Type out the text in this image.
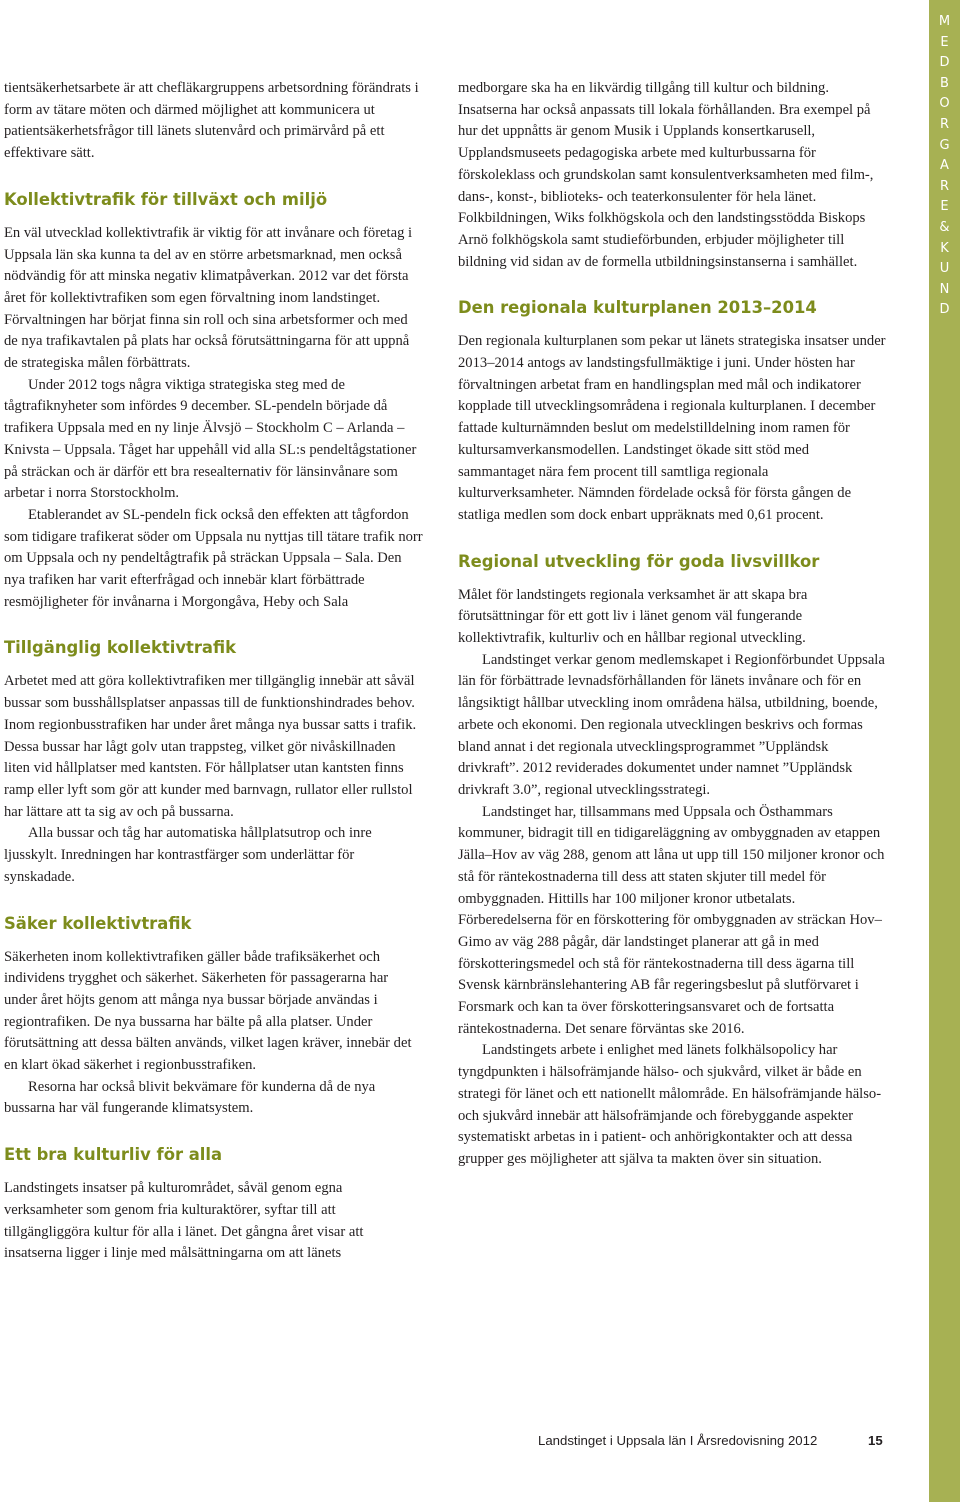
tientsäkerhetsarbete är att chefläkargruppens arbetsordning förändrats i form av tätare möten och därmed möjlighet att kommunicera ut patientsäkerhetsfrågor till länets slutenvård och primärvård på ett effektivare sätt.

Kollektivtrafik för tillväxt och miljö

En väl utvecklad kollektivtrafik är viktig för att invånare och företag i Uppsala län ska kunna ta del av en större arbetsmarknad, men också nödvändig för att minska negativ klimatpåverkan. 2012 var det första året för kollektivtrafiken som egen förvaltning inom landstinget. Förvaltningen har börjat finna sin roll och sina arbetsformer och med de nya trafikavtalen på plats har också förutsättningarna för att uppnå de strategiska målen förbättrats.

Under 2012 togs några viktiga strategiska steg med de tågtrafiknyheter som infördes 9 december. SL-pendeln började då trafikera Uppsala med en ny linje Älvsjö – Stockholm C – Arlanda – Knivsta – Uppsala. Tåget har uppehåll vid alla SL:s pendeltågstationer på sträckan och är därför ett bra resealternativ för länsinvånare som arbetar i norra Storstockholm.

Etablerandet av SL-pendeln fick också den effekten att tågfordon som tidigare trafikerat söder om Uppsala nu nyttjas till tätare trafik norr om Uppsala och ny pendeltågtrafik på sträckan Uppsala – Sala. Den nya trafiken har varit efterfrågad och innebär klart förbättrade resmöjligheter för invånarna i Morgongåva, Heby och Sala

Tillgänglig kollektivtrafik

Arbetet med att göra kollektivtrafiken mer tillgänglig innebär att såväl bussar som busshållsplatser anpassas till de funktionshindrades behov. Inom regionbusstrafiken har under året många nya bussar satts i trafik. Dessa bussar har lågt golv utan trappsteg, vilket gör nivåskillnaden liten vid hållplatser med kantsten. För hållplatser utan kantsten finns ramp eller lyft som gör att kunder med barnvagn, rullator eller rullstol har lättare att ta sig av och på bussarna.

Alla bussar och tåg har automatiska hållplatsutrop och inre ljusskylt. Inredningen har kontrastfärger som underlättar för synskadade.

Säker kollektivtrafik

Säkerheten inom kollektivtrafiken gäller både trafiksäkerhet och individens trygghet och säkerhet. Säkerheten för passagerarna har under året höjts genom att många nya bussar började användas i regiontrafiken. De nya bussarna har bälte på alla platser. Under förutsättning att dessa bälten används, vilket lagen kräver, innebär det en klart ökad säkerhet i regionbusstrafiken.

Resorna har också blivit bekvämare för kunderna då de nya bussarna har väl fungerande klimatsystem.

Ett bra kulturliv för alla

Landstingets insatser på kulturområdet, såväl genom egna verksamheter som genom fria kulturaktörer, syftar till att tillgängliggöra kultur för alla i länet. Det gångna året visar att insatserna ligger i linje med målsättningarna om att länets

medborgare ska ha en likvärdig tillgång till kultur och bildning. Insatserna har också anpassats till lokala förhållanden. Bra exempel på hur det uppnåtts är genom Musik i Upplands konsertkarusell, Upplandsmuseets pedagogiska arbete med kulturbussarna för förskoleklass och grundskolan samt konsulentverksamheten med film-, dans-, konst-, biblioteks- och teaterkonsulenter för hela länet. Folkbildningen, Wiks folkhögskola och den landstingsstödda Biskops Arnö folkhögskola samt studieförbunden, erbjuder möjligheter till bildning vid sidan av de formella utbildningsinstanserna i samhället.

Den regionala kulturplanen 2013–2014

Den regionala kulturplanen som pekar ut länets strategiska insatser under 2013–2014 antogs av landstingsfullmäktige i juni. Under hösten har förvaltningen arbetat fram en handlingsplan med mål och indikatorer kopplade till utvecklingsområdena i regionala kulturplanen. I december fattade kulturnämnden beslut om medelstilldelning inom ramen för kultursamverkansmodellen. Landstinget ökade sitt stöd med sammantaget nära fem procent till samtliga regionala kulturverksamheter. Nämnden fördelade också för första gången de statliga medlen som dock enbart uppräknats med 0,61 procent.

Regional utveckling för goda livsvillkor

Målet för landstingets regionala verksamhet är att skapa bra förutsättningar för ett gott liv i länet genom väl fungerande kollektivtrafik, kulturliv och en hållbar regional utveckling.

Landstinget verkar genom medlemskapet i Regionförbundet Uppsala län för förbättrade levnadsförhållanden för länets invånare och för en långsiktigt hållbar utveckling inom områdena hälsa, utbildning, boende, arbete och ekonomi. Den regionala utvecklingen beskrivs och formas bland annat i det regionala utvecklingsprogrammet ”Uppländsk drivkraft”. 2012 reviderades dokumentet under namnet ”Uppländsk drivkraft 3.0”, regional utvecklingsstrategi.

Landstinget har, tillsammans med Uppsala och Östhammars kommuner, bidragit till en tidigareläggning av ombyggnaden av etappen Jälla–Hov av väg 288, genom att låna ut upp till 150 miljoner kronor och stå för räntekostnaderna till dess att staten skjuter till medel för ombyggnaden. Hittills har 100 miljoner kronor utbetalats. Förberedelserna för en förskottering för ombyggnaden av sträckan Hov–Gimo av väg 288 pågår, där landstinget planerar att gå in med förskotteringsmedel och stå för räntekostnaderna till dess ägarna till Svensk kärnbränslehantering AB får regeringsbeslut på slutförvaret i Forsmark och kan ta över förskotteringsansvaret och de fortsatta räntekostnaderna. Det senare förväntas ske 2016.

Landstingets arbete i enlighet med länets folkhälsopolicy har tyngdpunkten i hälsofrämjande hälso- och sjukvård, vilket är både en strategi för länet och ett nationellt målområde. En hälsofrämjande hälso- och sjukvård innebär att hälsofrämjande och förebyggande aspekter systematiskt arbetas in i patient- och anhörigkontakter och att dessa grupper ges möjligheter att själva ta makten över sin situation.

M
E
D
B
O
R
G
A
R
E
&
K
U
N
D
Landstinget i Uppsala län I Årsredovisning 2012	15
